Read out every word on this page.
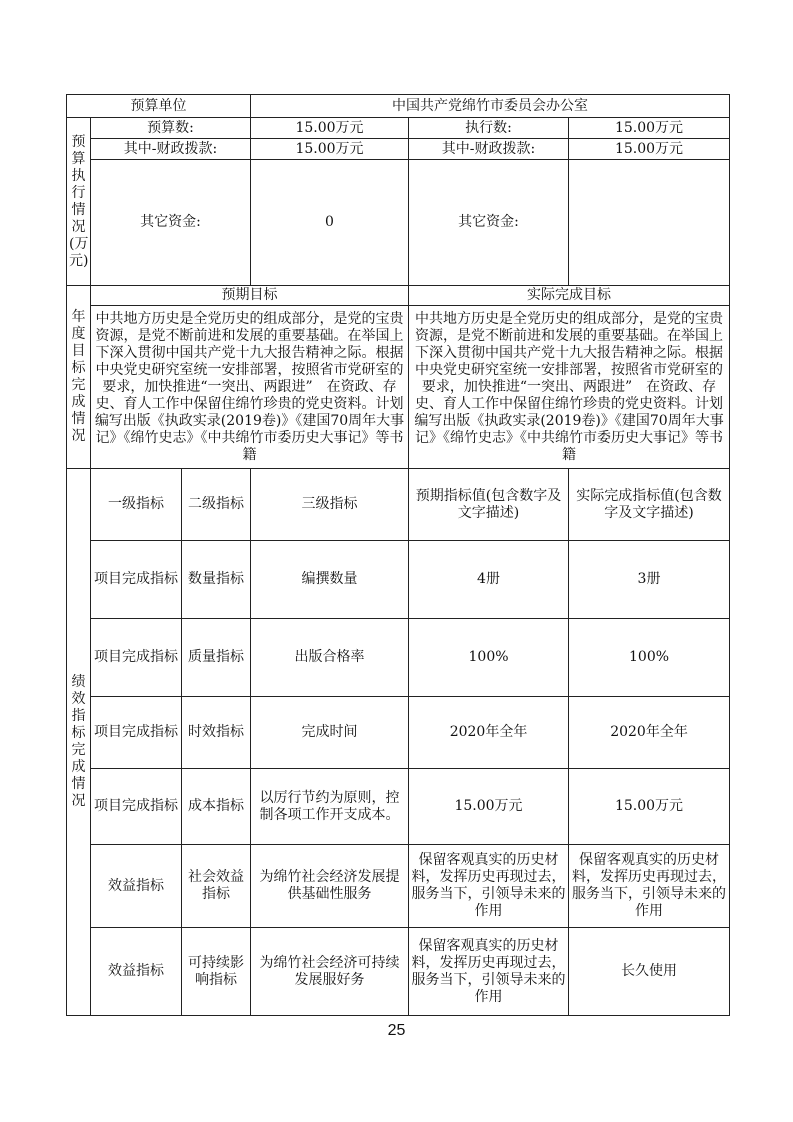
预算单位			中国共产党绵竹市委员会办公室		
预算执行情况(万元)	预算数:		15.00万元	执行数:	15.00万元
	其中-财政拨款:		15.00万元	其中-财政拨款:	15.00万元
	其它资金:		0	其它资金:	
年度目标完成情况	预期目标			实际完成目标	
	中共地方历史是全党历史的组成部分，是党的宝贵资源，是党不断前进和发展的重要基础。在举国上下深入贯彻中国共产党十九大报告精神之际。根据中央党史研究室统一安排部署，按照省市党研室的要求，加快推进“一突出、两跟进”　在资政、存史、育人工作中保留住绵竹珍贵的党史资料。计划编写出版《执政实录(2019卷)》《建国70周年大事记》《绵竹史志》《中共绵竹市委历史大事记》等书籍			中共地方历史是全党历史的组成部分，是党的宝贵资源，是党不断前进和发展的重要基础。在举国上下深入贯彻中国共产党十九大报告精神之际。根据中央党史研究室统一安排部署，按照省市党研室的要求，加快推进“一突出、两跟进”　在资政、存史、育人工作中保留住绵竹珍贵的党史资料。计划编写出版《执政实录(2019卷)》《建国70周年大事记》《绵竹史志》《中共绵竹市委历史大事记》等书籍	
绩效指标完成情况	一级指标	二级指标	三级指标	预期指标值(包含数字及文字描述)	实际完成指标值(包含数字及文字描述)
	项目完成指标	数量指标	编撰数量	4册	3册
	项目完成指标	质量指标	出版合格率	100%	100%
	项目完成指标	时效指标	完成时间	2020年全年	2020年全年
	项目完成指标	成本指标	以厉行节约为原则，控制各项工作开支成本。	15.00万元	15.00万元
	效益指标	社会效益指标	为绵竹社会经济发展提供基础性服务	保留客观真实的历史材料，发挥历史再现过去，服务当下，引领导未来的作用	保留客观真实的历史材料，发挥历史再现过去，服务当下，引领导未来的作用
	效益指标	可持续影响指标	为绵竹社会经济可持续发展服好务	保留客观真实的历史材料，发挥历史再现过去，服务当下，引领导未来的作用	长久使用
25
